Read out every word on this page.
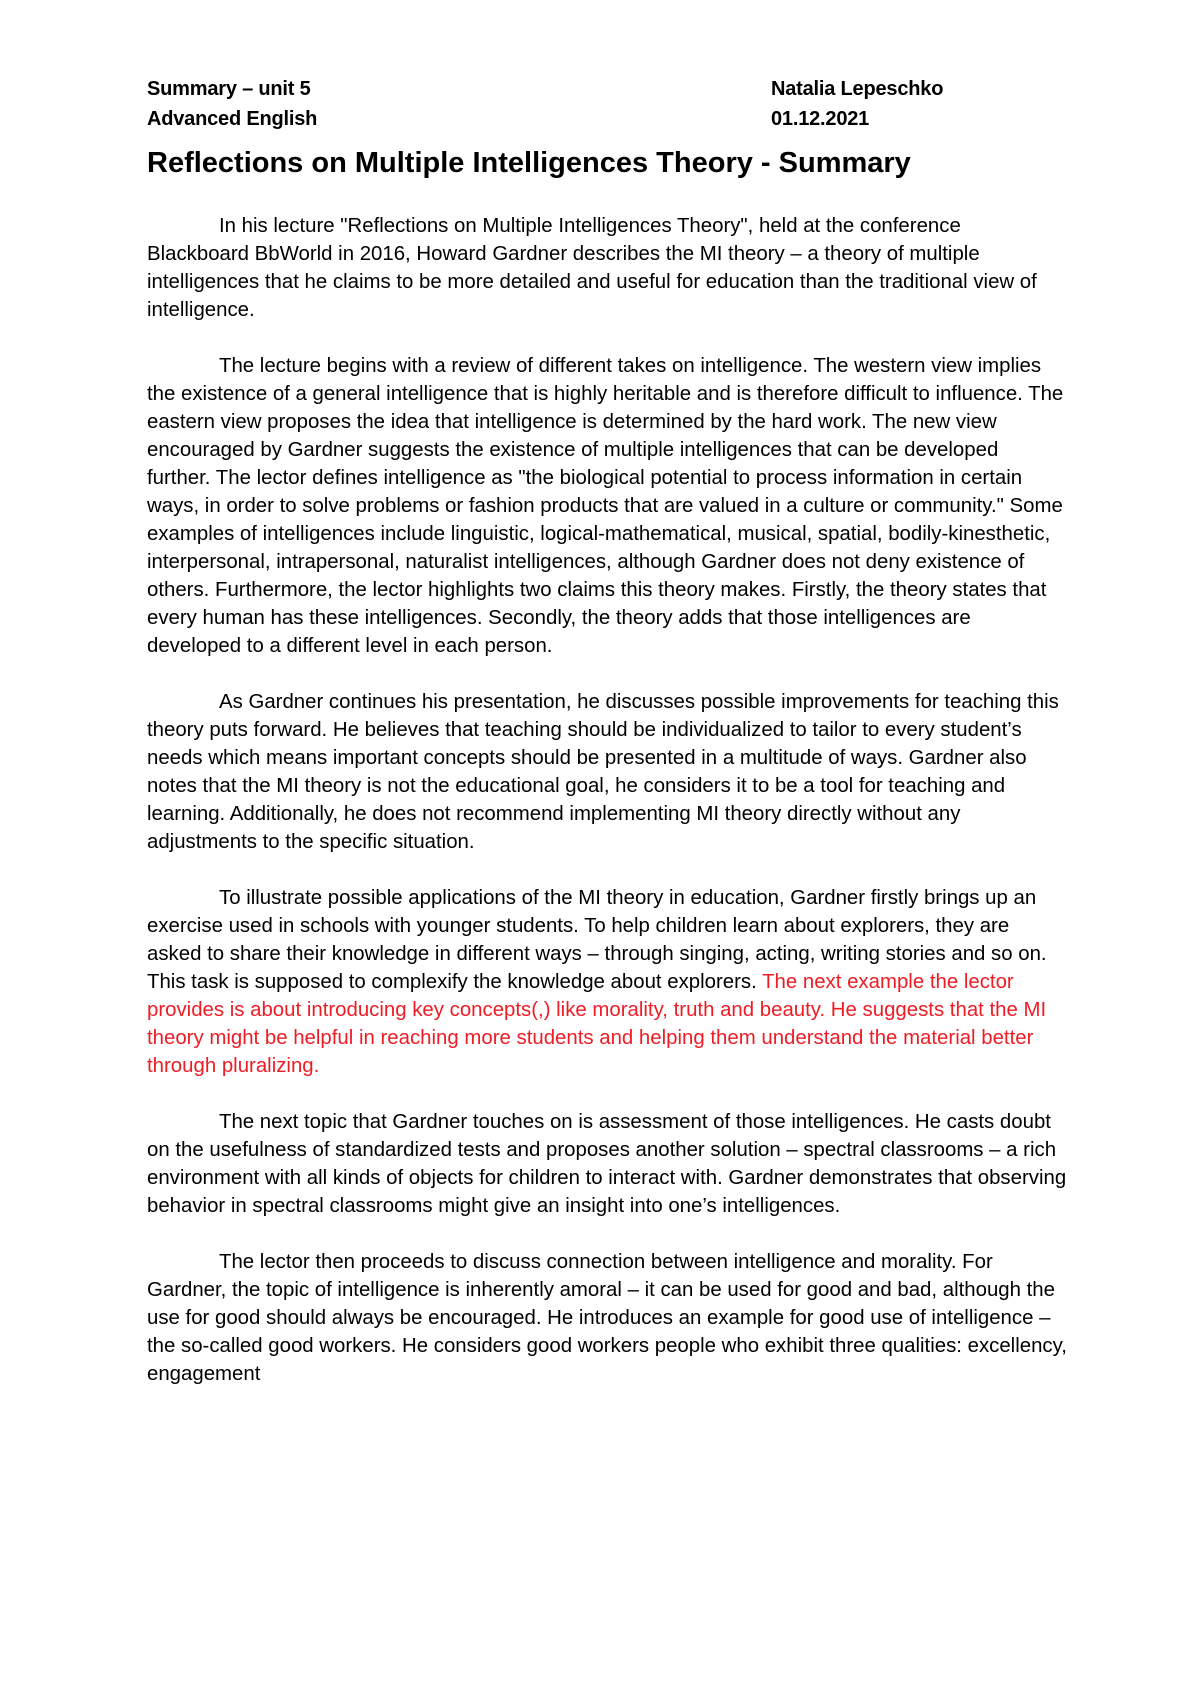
Summary – unit 5	Natalia Lepeschko
Advanced English	01.12.2021
Reflections on Multiple Intelligences Theory - Summary

In his lecture "Reflections on Multiple Intelligences Theory", held at the conference Blackboard BbWorld in 2016, Howard Gardner describes the MI theory – a theory of multiple intelligences that he claims to be more detailed and useful for education than the traditional view of intelligence.

The lecture begins with a review of different takes on intelligence. The western view implies the existence of a general intelligence that is highly heritable and is therefore difficult to influence. The eastern view proposes the idea that intelligence is determined by the hard work. The new view encouraged by Gardner suggests the existence of multiple intelligences that can be developed further. The lector defines intelligence as "the biological potential to process information in certain ways, in order to solve problems or fashion products that are valued in a culture or community." Some examples of intelligences include linguistic, logical-mathematical, musical, spatial, bodily-kinesthetic, interpersonal, intrapersonal, naturalist intelligences, although Gardner does not deny existence of others. Furthermore, the lector highlights two claims this theory makes. Firstly, the theory states that every human has these intelligences. Secondly, the theory adds that those intelligences are developed to a different level in each person.

As Gardner continues his presentation, he discusses possible improvements for teaching this theory puts forward. He believes that teaching should be individualized to tailor to every student’s needs which means important concepts should be presented in a multitude of ways. Gardner also notes that the MI theory is not the educational goal, he considers it to be a tool for teaching and learning. Additionally, he does not recommend implementing MI theory directly without any adjustments to the specific situation.

To illustrate possible applications of the MI theory in education, Gardner firstly brings up an exercise used in schools with younger students. To help children learn about explorers, they are asked to share their knowledge in different ways – through singing, acting, writing stories and so on. This task is supposed to complexify the knowledge about explorers. The next example the lector provides is about introducing key concepts(,) like morality, truth and beauty. He suggests that the MI theory might be helpful in reaching more students and helping them understand the material better through pluralizing.

The next topic that Gardner touches on is assessment of those intelligences. He casts doubt on the usefulness of standardized tests and proposes another solution – spectral classrooms – a rich environment with all kinds of objects for children to interact with. Gardner demonstrates that observing behavior in spectral classrooms might give an insight into one’s intelligences.

The lector then proceeds to discuss connection between intelligence and morality. For Gardner, the topic of intelligence is inherently amoral – it can be used for good and bad, although the use for good should always be encouraged. He introduces an example for good use of intelligence – the so-called good workers. He considers good workers people who exhibit three qualities: excellency, engagement
